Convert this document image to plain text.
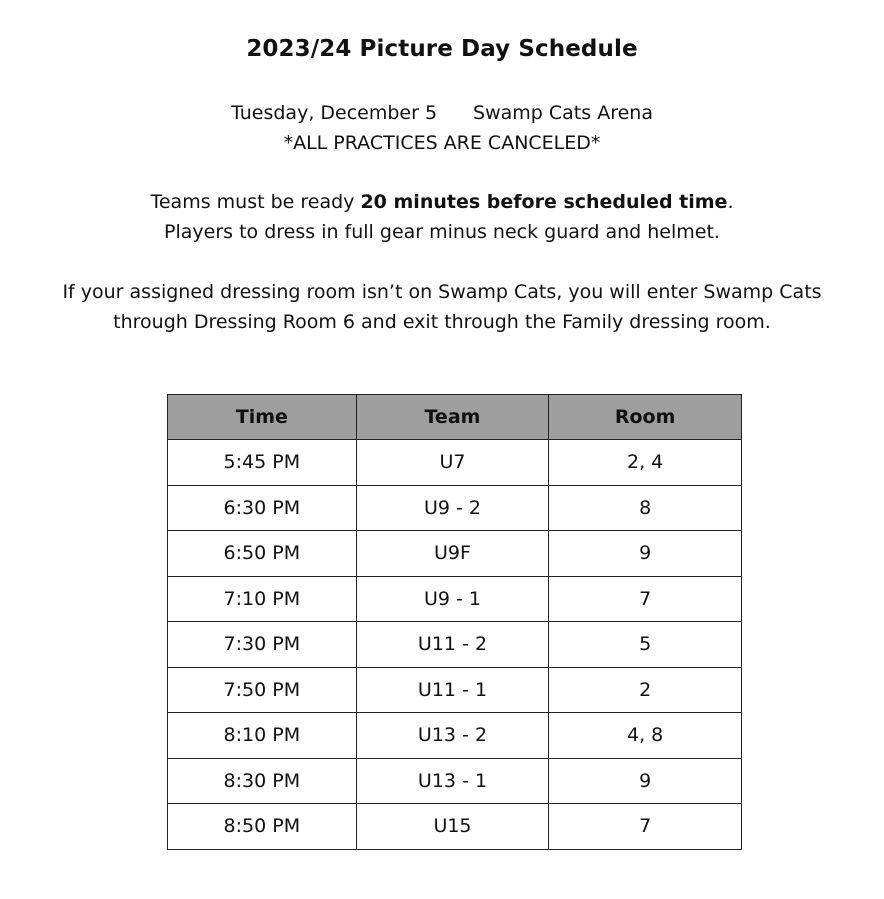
2023/24 Picture Day Schedule
Tuesday, December 5 Swamp Cats Arena
*ALL PRACTICES ARE CANCELED*
Teams must be ready 20 minutes before scheduled time.
Players to dress in full gear minus neck guard and helmet.
If your assigned dressing room isn’t on Swamp Cats, you will enter Swamp Cats
through Dressing Room 6 and exit through the Family dressing room.
Time	Team	Room
5:45 PM	U7	2, 4
6:30 PM	U9 - 2	8
6:50 PM	U9F	9
7:10 PM	U9 - 1	7
7:30 PM	U11 - 2	5
7:50 PM	U11 - 1	2
8:10 PM	U13 - 2	4, 8
8:30 PM	U13 - 1	9
8:50 PM	U15	7
